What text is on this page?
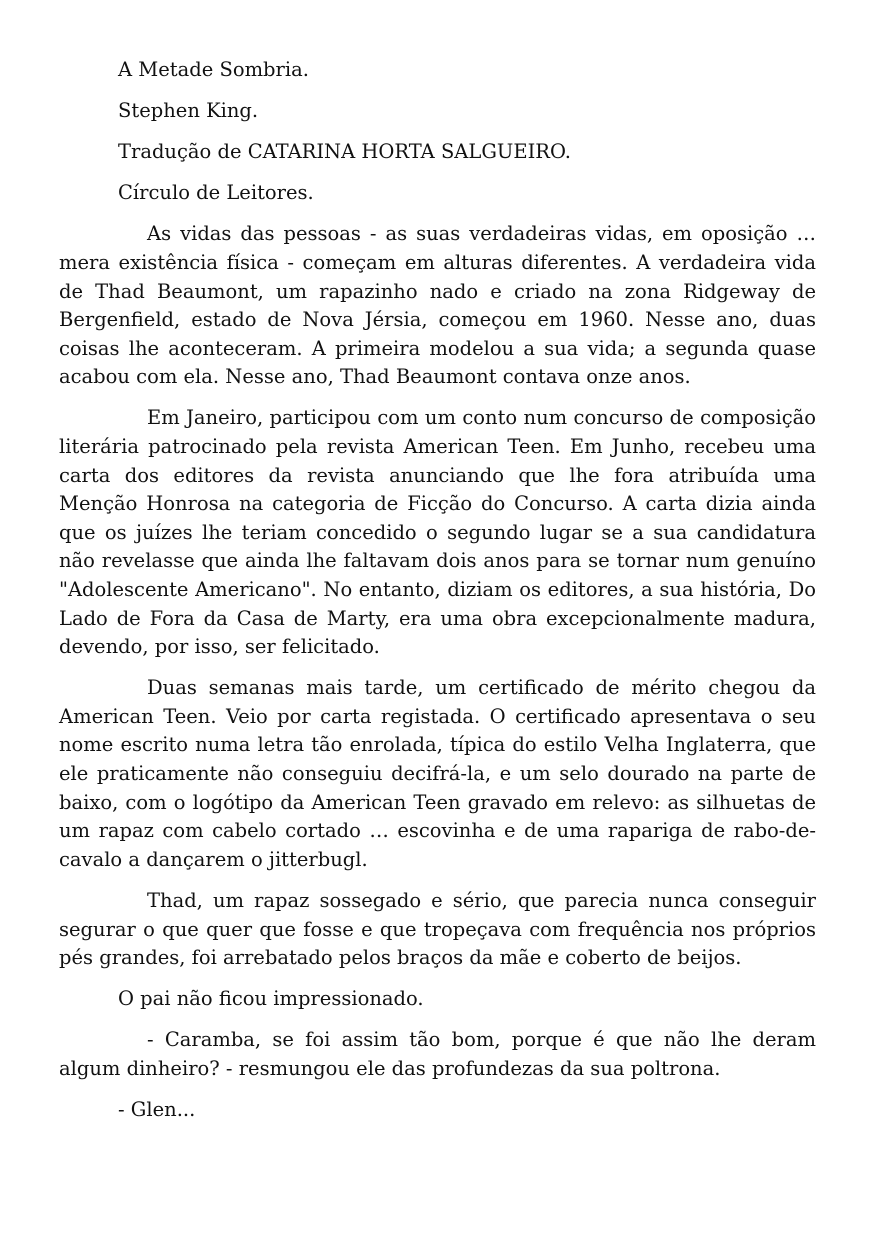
A Metade Sombria.

Stephen King.

Tradução de CATARINA HORTA SALGUEIRO.

Círculo de Leitores.

As vidas das pessoas - as suas verdadeiras vidas, em oposição … mera existência física - começam em alturas diferentes. A verdadeira vida de Thad Beaumont, um rapazinho nado e criado na zona Ridgeway de Bergenfield, estado de Nova Jérsia, começou em 1960. Nesse ano, duas coisas lhe aconteceram. A primeira modelou a sua vida; a segunda quase acabou com ela. Nesse ano, Thad Beaumont contava onze anos.

Em Janeiro, participou com um conto num concurso de composição literária patrocinado pela revista American Teen. Em Junho, recebeu uma carta dos editores da revista anunciando que lhe fora atribuída uma Menção Honrosa na categoria de Ficção do Concurso. A carta dizia ainda que os juízes lhe teriam concedido o segundo lugar se a sua candidatura não revelasse que ainda lhe faltavam dois anos para se tornar num genuíno "Adolescente Americano". No entanto, diziam os editores, a sua história, Do Lado de Fora da Casa de Marty, era uma obra excepcionalmente madura, devendo, por isso, ser felicitado.

Duas semanas mais tarde, um certificado de mérito chegou da American Teen. Veio por carta registada. O certificado apresentava o seu nome escrito numa letra tão enrolada, típica do estilo Velha Inglaterra, que ele praticamente não conseguiu decifrá-la, e um selo dourado na parte de baixo, com o logótipo da American Teen gravado em relevo: as silhuetas de um rapaz com cabelo cortado … escovinha e de uma rapariga de rabo-de-cavalo a dançarem o jitterbugl.

Thad, um rapaz sossegado e sério, que parecia nunca conseguir segurar o que quer que fosse e que tropeçava com frequência nos próprios pés grandes, foi arrebatado pelos braços da mãe e coberto de beijos.

O pai não ficou impressionado.

- Caramba, se foi assim tão bom, porque é que não lhe deram algum dinheiro? - resmungou ele das profundezas da sua poltrona.

- Glen...
